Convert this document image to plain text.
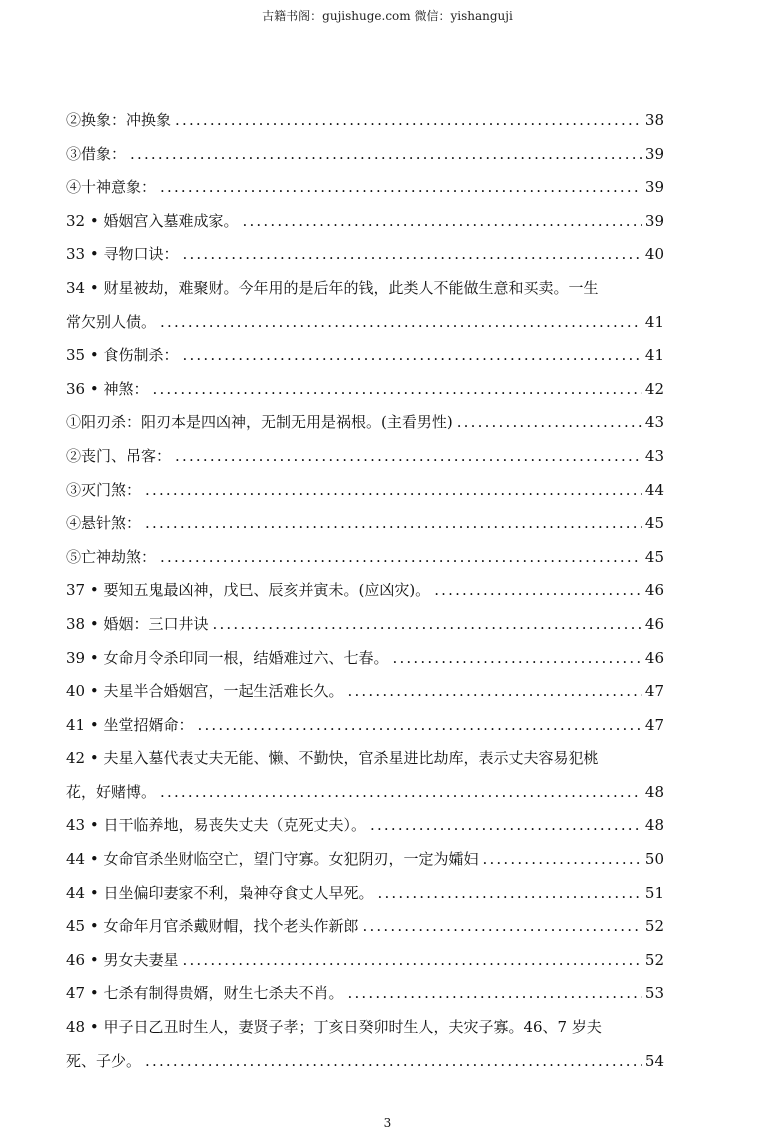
古籍书阁：gujishuge.com 微信：yishanguji
②换象：冲换象 .....	38
③借象： .....	39
④十神意象： .....	39
32 • 婚姻宫入墓难成家。 .....	39
33 • 寻物口诀： .....	40
34 • 财星被劫，难聚财。今年用的是后年的钱，此类人不能做生意和买卖。一生
常欠别人债。 .....	41
35 • 食伤制杀： .....	41
36 • 神煞： .....	42
①阳刃杀：阳刃本是四凶神，无制无用是祸根。(主看男性) .....	43
②丧门、吊客： .....	43
③灭门煞： .....	44
④悬针煞： .....	45
⑤亡神劫煞： .....	45
37 • 要知五鬼最凶神，戊巳、辰亥并寅未。(应凶灾)。 .....	46
38 • 婚姻：三口井诀 .....	46
39 • 女命月令杀印同一根，结婚难过六、七春。 .....	46
40 • 夫星半合婚姻宫，一起生活难长久。 .....	47
41 • 坐堂招婿命： .....	47
42 • 夫星入墓代表丈夫无能、懒、不勤快，官杀星进比劫库，表示丈夫容易犯桃
花，好赌博。 .....	48
43 • 日干临养地，易丧失丈夫（克死丈夫）。 .....	48
44 • 女命官杀坐财临空亡，望门守寡。女犯阴刃，一定为孀妇 .....	50
44 • 日坐偏印妻家不利，枭神夺食丈人早死。 .....	51
45 • 女命年月官杀戴财帽，找个老头作新郎 .....	52
46 • 男女夫妻星 .....	52
47 • 七杀有制得贵婿，财生七杀夫不肖。 .....	53
48 • 甲子日乙丑时生人，妻贤子孝；丁亥日癸卯时生人，夫灾子寡。46、7 岁夫
死、子少。 .....	54
3
